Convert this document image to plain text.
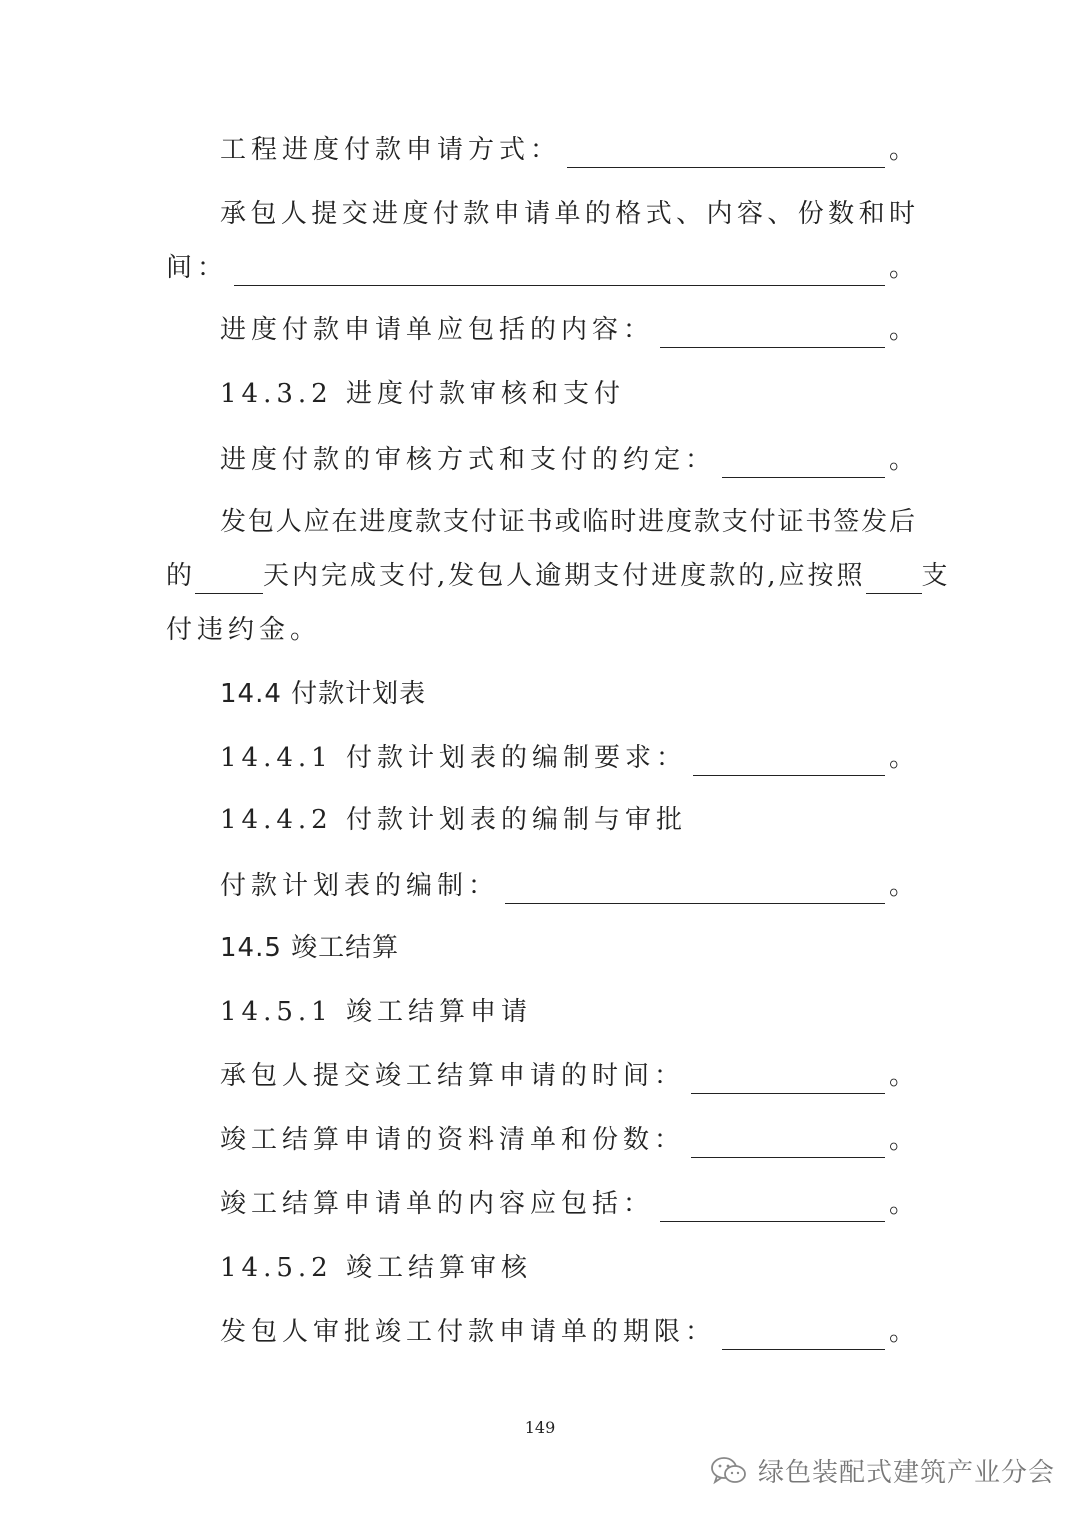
工程进度付款申请方式：	。
承包人提交进度付款申请单的格式、内容、份数和时
间：	。
进度付款申请单应包括的内容：	。
14.3.2 进度付款审核和支付
进度付款的审核方式和支付的约定：	。
发包人应在进度款支付证书或临时进度款支付证书签发后
的	天内完成支付,发包人逾期支付进度款的,应按照 支
付违约金。
14.4 付款计划表
14.4.1 付款计划表的编制要求：	。
14.4.2 付款计划表的编制与审批
付款计划表的编制：	。
14.5 竣工结算
14.5.1 竣工结算申请
承包人提交竣工结算申请的时间：	。
竣工结算申请的资料清单和份数：	。
竣工结算申请单的内容应包括：	。
14.5.2 竣工结算审核
发包人审批竣工付款申请单的期限：	。
149
绿色装配式建筑产业分会
